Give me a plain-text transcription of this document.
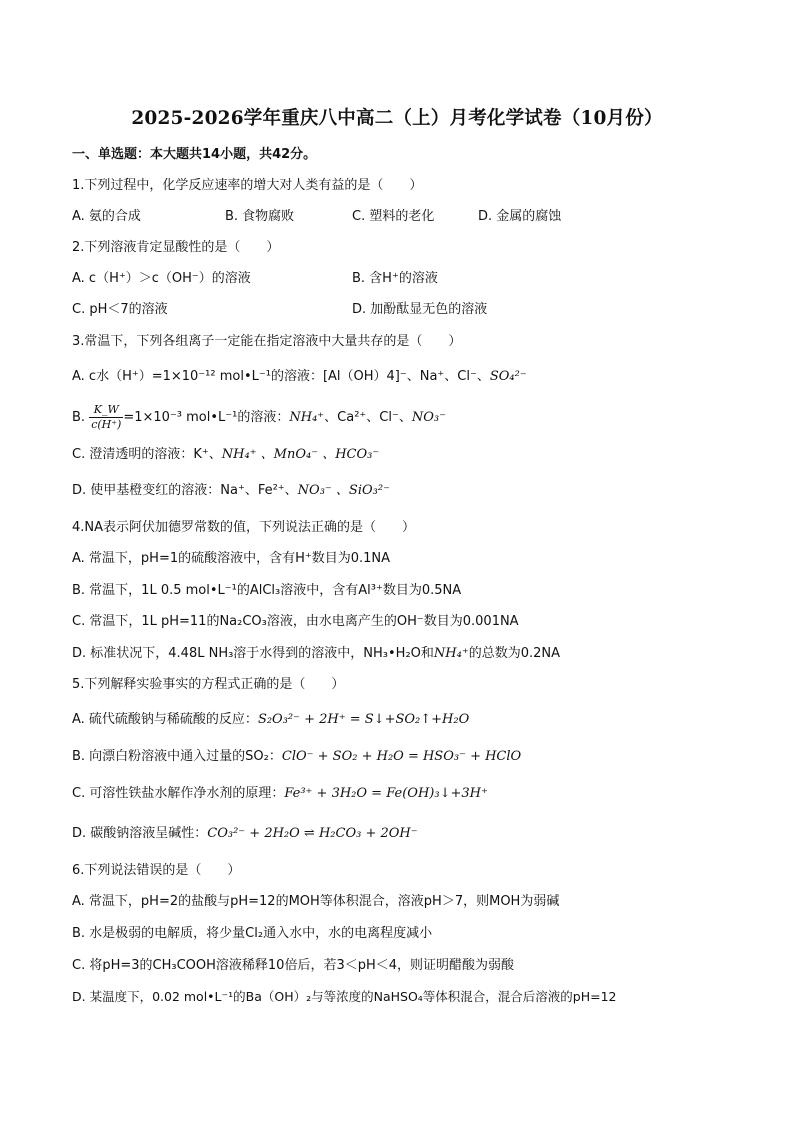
2025-2026学年重庆八中高二（上）月考化学试卷（10月份）
一、单选题：本大题共14小题，共42分。
1.下列过程中，化学反应速率的增大对人类有益的是（　　）
A. 氨的合成	B. 食物腐败	C. 塑料的老化	D. 金属的腐蚀
2.下列溶液肯定显酸性的是（　　）
A. c（H⁺）＞c（OH⁻）的溶液	B. 含H⁺的溶液
C. pH＜7的溶液	D. 加酚酞显无色的溶液
3.常温下，下列各组离子一定能在指定溶液中大量共存的是（　　）
A. c水（H⁺）=1×10⁻¹² mol•L⁻¹的溶液：[Al（OH）4]⁻、Na⁺、Cl⁻、SO₄²⁻
B. $\frac{K\_W}{c(H^+)} =1\times 10^{-3}$ mol•L⁻¹的溶液：NH₄⁺、Ca²⁺、Cl⁻、NO₃⁻
C. 澄清透明的溶液：K⁺、NH₄⁺ 、MnO₄⁻ 、HCO₃⁻
D. 使甲基橙变红的溶液：Na⁺、Fe²⁺、NO₃⁻ 、SiO₃²⁻
4.NA表示阿伏加德罗常数的值，下列说法正确的是（　　）
A. 常温下，pH=1的硫酸溶液中，含有H⁺数目为0.1NA
B. 常温下，1L 0.5 mol•L⁻¹的AlCl₃溶液中，含有Al³⁺数目为0.5NA
C. 常温下，1L pH=11的Na₂CO₃溶液，由水电离产生的OH⁻数目为0.001NA
D. 标准状况下，4.48L NH₃溶于水得到的溶液中，NH₃•H₂O和NH₄⁺的总数为0.2NA
5.下列解释实验事实的方程式正确的是（　　）
A. 硫代硫酸钠与稀硫酸的反应：S₂O₃²⁻ + 2H⁺ = S↓+SO₂↑+H₂O
B. 向漂白粉溶液中通入过量的SO₂：ClO⁻ + SO₂ + H₂O = HSO₃⁻ + HClO
C. 可溶性铁盐水解作净水剂的原理：Fe³⁺ + 3H₂O = Fe(OH)₃↓+3H⁺
D. 碳酸钠溶液呈碱性：CO₃²⁻ + 2H₂O ⇌ H₂CO₃ + 2OH⁻
6.下列说法错误的是（　　）
A. 常温下，pH=2的盐酸与pH=12的MOH等体积混合，溶液pH＞7，则MOH为弱碱
B. 水是极弱的电解质，将少量Cl₂通入水中，水的电离程度减小
C. 将pH=3的CH₃COOH溶液稀释10倍后，若3＜pH＜4，则证明醋酸为弱酸
D. 某温度下，0.02 mol•L⁻¹的Ba（OH）₂与等浓度的NaHSO₄等体积混合，混合后溶液的pH=12
